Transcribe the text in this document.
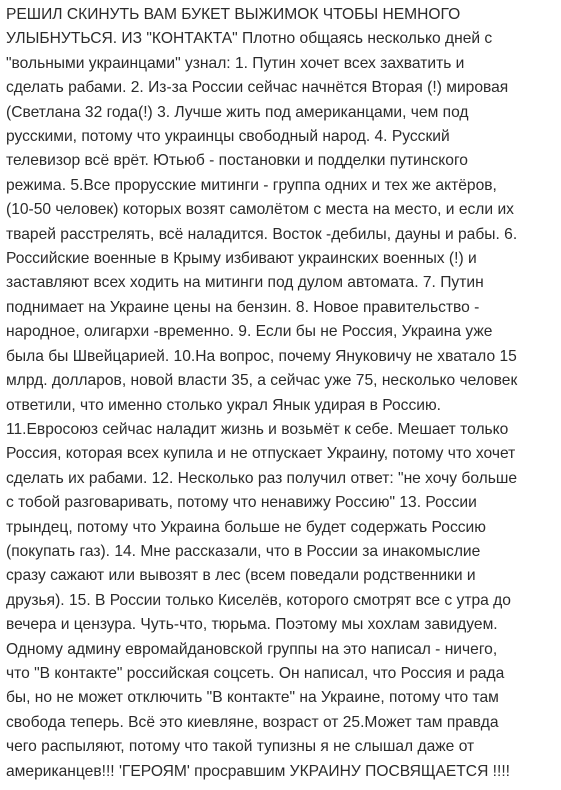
РЕШИЛ СКИНУТЬ ВАМ БУКЕТ ВЫЖИМОК ЧТОБЫ НЕМНОГО
УЛЫБНУТЬСЯ. ИЗ "КОНТАКТА" Плотно общаясь несколько дней с
"вольными украинцами" узнал: 1. Путин хочет всех захватить и
сделать рабами. 2. Из-за России сейчас начнётся Вторая (!) мировая
(Светлана 32 года(!) 3. Лучше жить под американцами, чем под
русскими, потому что украинцы свободный народ. 4. Русский
телевизор всё врёт. Ютьюб - постановки и подделки путинского
режима. 5.Все прорусские митинги - группа одних и тех же актёров,
(10-50 человек) которых возят самолётом с места на место, и если их
тварей расстрелять, всё наладится. Восток -дебилы, дауны и рабы. 6.
Российские военные в Крыму избивают украинских военных (!) и
заставляют всех ходить на митинги под дулом автомата. 7. Путин
поднимает на Украине цены на бензин. 8. Новое правительство -
народное, олигархи -временно. 9. Если бы не Россия, Украина уже
была бы Швейцарией. 10.На вопрос, почему Януковичу не хватало 15
млрд. долларов, новой власти 35, а сейчас уже 75, несколько человек
ответили, что именно столько украл Янык удирая в Россию.
11.Евросоюз сейчас наладит жизнь и возьмёт к себе. Мешает только
Россия, которая всех купила и не отпускает Украину, потому что хочет
сделать их рабами. 12. Несколько раз получил ответ: "не хочу больше
с тобой разговаривать, потому что ненавижу Россию" 13. России
трындец, потому что Украина больше не будет содержать Россию
(покупать газ). 14. Мне рассказали, что в России за инакомыслие
сразу сажают или вывозят в лес (всем поведали родственники и
друзья). 15. В России только Киселёв, которого смотрят все с утра до
вечера и цензура. Чуть-что, тюрьма. Поэтому мы хохлам завидуем.
Одному админу евромайдановской группы на это написал - ничего,
что "В контакте" российская соцсеть. Он написал, что Россия и рада
бы, но не может отключить "В контакте" на Украине, потому что там
свобода теперь. Всё это киевляне, возраст от 25.Может там правда
чего распыляют, потому что такой тупизны я не слышал даже от
американцев!!! 'ГЕРОЯМ' просравшим УКРАИНУ ПОСВЯЩАЕТСЯ !!!!
